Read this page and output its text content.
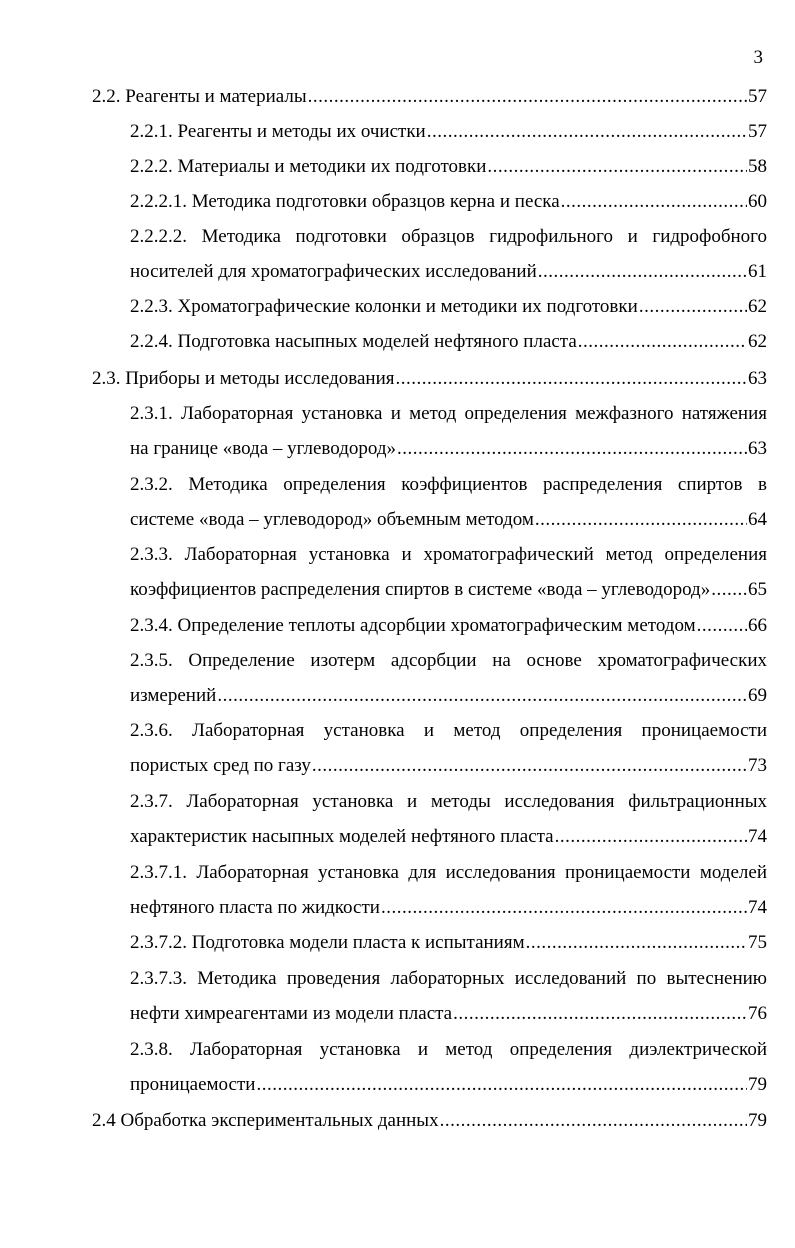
3
2.2. Реагенты и материалы .....	57
2.2.1. Реагенты и методы их очистки .....	57
2.2.2. Материалы и методики их подготовки .....	58
2.2.2.1. Методика подготовки образцов керна и песка .....	60
2.2.2.2. Методика подготовки образцов гидрофильного и гидрофобного
носителей для хроматографических исследований .....	61
2.2.3. Хроматографические колонки и методики их подготовки .....	62
2.2.4. Подготовка насыпных моделей нефтяного пласта .....	62
2.3. Приборы и методы исследования .....	63
2.3.1. Лабораторная установка и метод определения межфазного натяжения
на границе «вода – углеводород» .....	63
2.3.2. Методика определения коэффициентов распределения спиртов в
системе «вода – углеводород» объемным методом .....	64
2.3.3. Лабораторная установка и хроматографический метод определения
коэффициентов распределения спиртов в системе «вода – углеводород» ..... 65
2.3.4. Определение теплоты адсорбции хроматографическим методом .....	66
2.3.5. Определение изотерм адсорбции на основе хроматографических
измерений .....	69
2.3.6. Лабораторная установка и метод определения проницаемости
пористых сред по газу .....	73
2.3.7. Лабораторная установка и методы исследования фильтрационных
характеристик насыпных моделей нефтяного пласта .....	74
2.3.7.1. Лабораторная установка для исследования проницаемости моделей
нефтяного пласта по жидкости .....	74
2.3.7.2. Подготовка модели пласта к испытаниям .....	75
2.3.7.3. Методика проведения лабораторных исследований по вытеснению
нефти химреагентами из модели пласта .....	76
2.3.8. Лабораторная установка и метод определения диэлектрической
проницаемости .....	79
2.4 Обработка экспериментальных данных .....	79
